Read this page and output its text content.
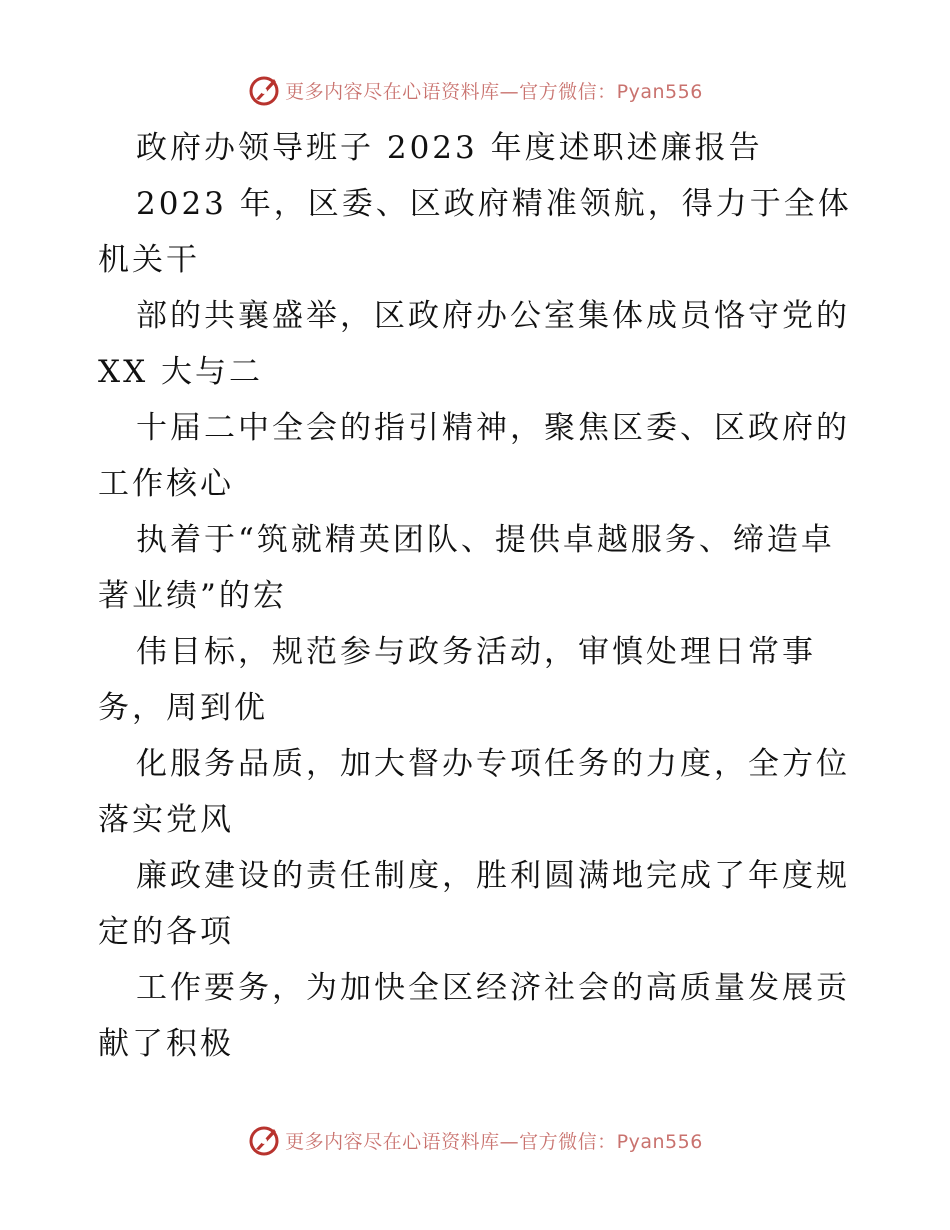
更多内容尽在心语资料库—官方微信：Pyan556
政府办领导班子 2023 年度述职述廉报告
2023 年，区委、区政府精准领航，得力于全体
机关干
部的共襄盛举，区政府办公室集体成员恪守党的
XX 大与二
十届二中全会的指引精神，聚焦区委、区政府的
工作核心
执着于“筑就精英团队、提供卓越服务、缔造卓
著业绩”的宏
伟目标，规范参与政务活动，审慎处理日常事
务，周到优
化服务品质，加大督办专项任务的力度，全方位
落实党风
廉政建设的责任制度，胜利圆满地完成了年度规
定的各项
工作要务，为加快全区经济社会的高质量发展贡
献了积极
更多内容尽在心语资料库—官方微信：Pyan556
